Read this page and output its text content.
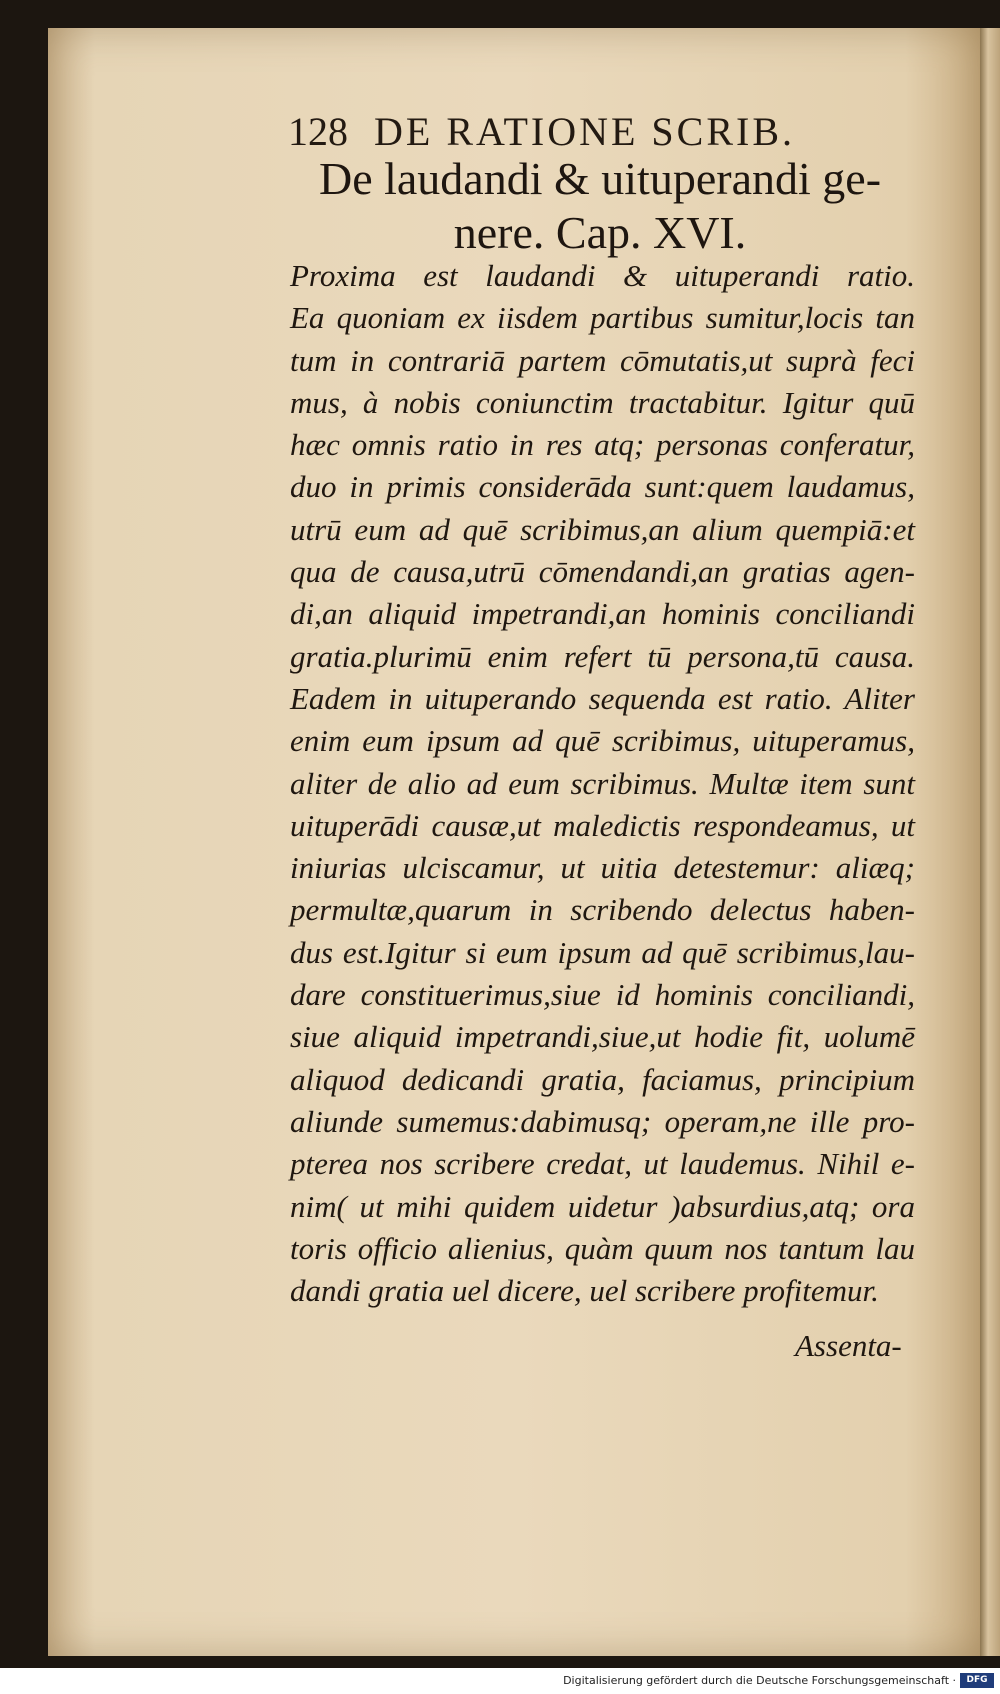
128 DE RATIONE SCRIB.
De laudandi & uituperandi ge-
nere. Cap. XVI.
Proxima est laudandi & uituperandi ratio.
Ea quoniam ex iisdem partibus sumitur,locis tan
tum in contrariā partem cōmutatis,ut suprà feci
mus, à nobis coniunctim tractabitur. Igitur quū
hæc omnis ratio in res atq; personas conferatur,
duo in primis considerāda sunt:quem laudamus,
utrū eum ad quē scribimus,an alium quempiā:et
qua de causa,utrū cōmendandi,an gratias agen-
di,an aliquid impetrandi,an hominis conciliandi
gratia.plurimū enim refert tū persona,tū causa.
Eadem in uituperando sequenda est ratio. Aliter
enim eum ipsum ad quē scribimus, uituperamus,
aliter de alio ad eum scribimus. Multæ item sunt
uituperādi causæ,ut maledictis respondeamus, ut
iniurias ulciscamur, ut uitia detestemur: aliæq;
permultæ,quarum in scribendo delectus haben-
dus est.Igitur si eum ipsum ad quē scribimus,lau-
dare constituerimus,siue id hominis conciliandi,
siue aliquid impetrandi,siue,ut hodie fit, uolumē
aliquod dedicandi gratia, faciamus, principium
aliunde sumemus:dabimusq; operam,ne ille pro-
pterea nos scribere credat, ut laudemus. Nihil e-
nim( ut mihi quidem uidetur )absurdius,atq; ora
toris officio alienius, quàm quum nos tantum lau
dandi gratia uel dicere, uel scribere profitemur.
Assenta-
Digitalisierung gefördert durch die Deutsche Forschungsgemeinschaft ·	DFG
